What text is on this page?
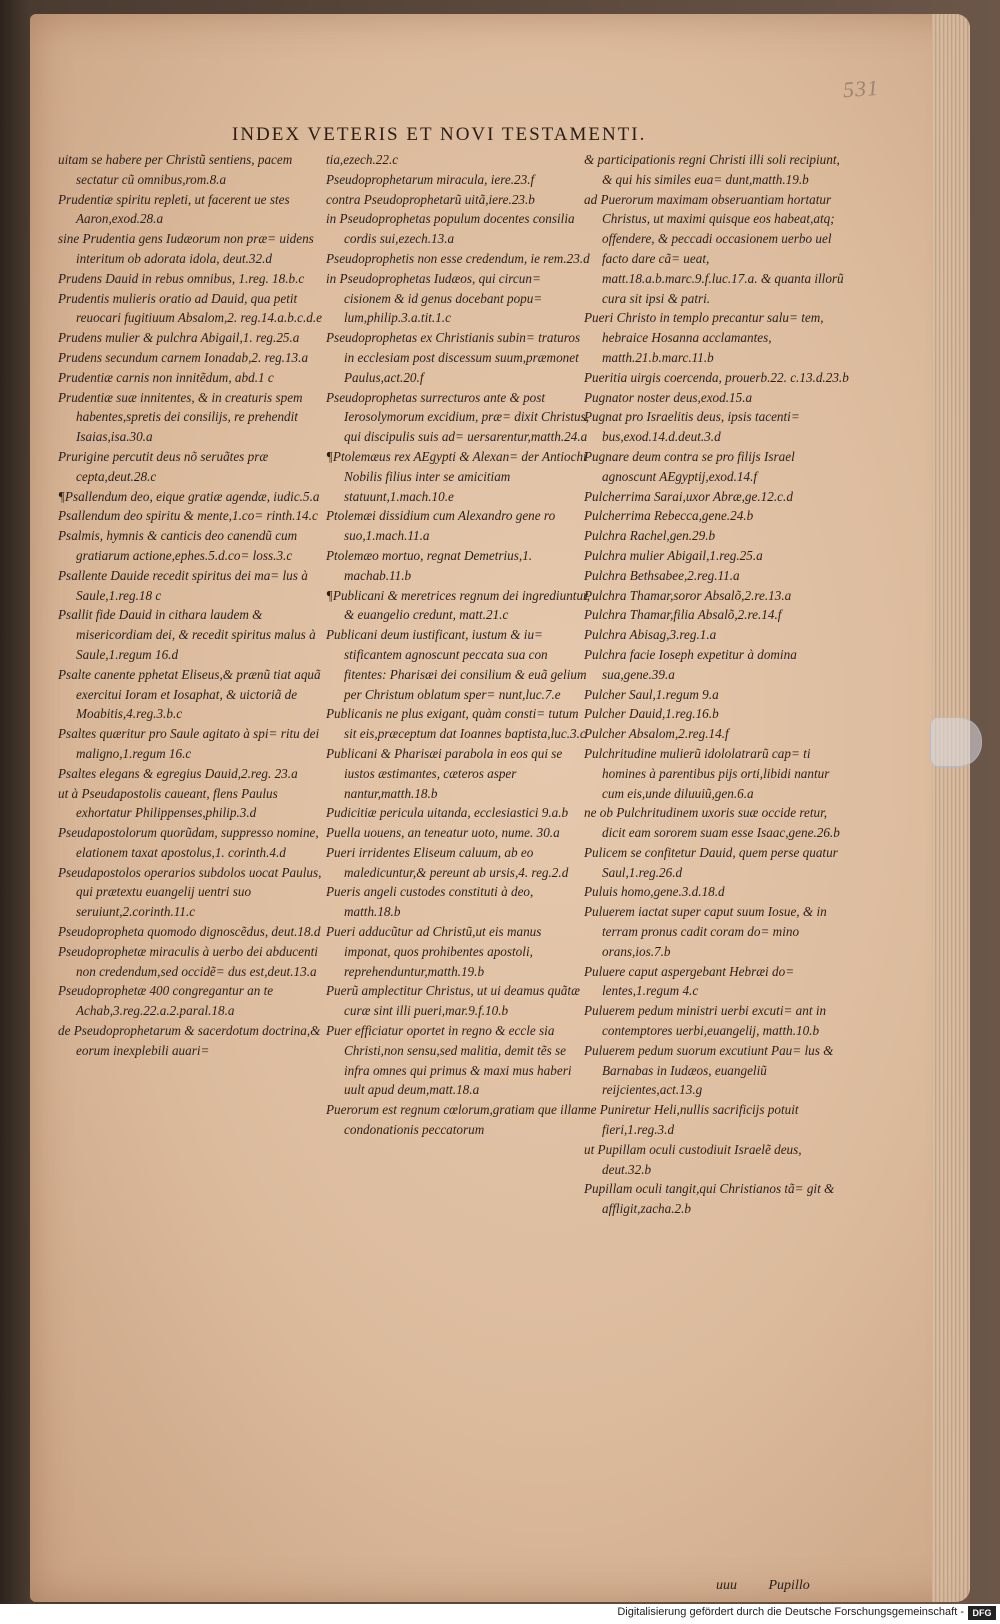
531
INDEX VETERIS ET NOVI TESTAMENTI.

uitam se habere per Christũ sentiens, pacem sectatur cũ omnibus,rom.8.a

Prudentiæ spiritu repleti, ut facerent ue stes Aaron,exod.28.a

sine Prudentia gens Iudæorum non præ= uidens interitum ob adorata idola, deut.32.d

Prudens Dauid in rebus omnibus, 1.reg. 18.b.c

Prudentis mulieris oratio ad Dauid, qua petit reuocari fugitiuum Absalom,2. reg.14.a.b.c.d.e

Prudens mulier & pulchra Abigail,1. reg.25.a

Prudens secundum carnem Ionadab,2. reg.13.a

Prudentiæ carnis non innitẽdum, abd.1 c

Prudentiæ suæ innitentes, & in creaturis spem habentes,spretis dei consilijs, re prehendit Isaias,isa.30.a

Prurigine percutit deus nõ seruãtes præ cepta,deut.28.c

¶Psallendum deo, eique gratiæ agendæ, iudic.5.a

Psallendum deo spiritu & mente,1.co= rinth.14.c

Psalmis, hymnis & canticis deo canendũ cum gratiarum actione,ephes.5.d.co= loss.3.c

Psallente Dauide recedit spiritus dei ma= lus à Saule,1.reg.18 c

Psallit fide Dauid in cithara laudem & misericordiam dei, & recedit spiritus malus à Saule,1.regum 16.d

Psalte canente pphetat Eliseus,& prænũ tiat aquã exercitui Ioram et Iosaphat, & uictoriã de Moabitis,4.reg.3.b.c

Psaltes quæritur pro Saule agitato à spi= ritu dei maligno,1.regum 16.c

Psaltes elegans & egregius Dauid,2.reg. 23.a

ut à Pseudapostolis caueant, flens Paulus exhortatur Philippenses,philip.3.d

Pseudapostolorum quorũdam, suppresso nomine, elationem taxat apostolus,1. corinth.4.d

Pseudapostolos operarios subdolos uocat Paulus, qui prætextu euangelij uentri suo seruiunt,2.corinth.11.c

Pseudopropheta quomodo dignoscẽdus, deut.18.d

Pseudoprophetæ miraculis à uerbo dei abducenti non credendum,sed occidẽ= dus est,deut.13.a

Pseudoprophetæ 400 congregantur an te Achab,3.reg.22.a.2.paral.18.a

de Pseudoprophetarum & sacerdotum doctrina,& eorum inexplebili auari=

tia,ezech.22.c

Pseudoprophetarum miracula, iere.23.f

contra Pseudoprophetarũ uitã,iere.23.b

in Pseudoprophetas populum docentes consilia cordis sui,ezech.13.a

Pseudoprophetis non esse credendum, ie rem.23.d

in Pseudoprophetas Iudæos, qui circun= cisionem & id genus docebant popu= lum,philip.3.a.tit.1.c

Pseudoprophetas ex Christianis subin= traturos in ecclesiam post discessum suum,præmonet Paulus,act.20.f

Pseudoprophetas surrecturos ante & post Ierosolymorum excidium, præ= dixit Christus, qui discipulis suis ad= uersarentur,matth.24.a

¶Ptolemæus rex AEgypti & Alexan= der Antiochi Nobilis filius inter se amicitiam statuunt,1.mach.10.e

Ptolemæi dissidium cum Alexandro gene ro suo,1.mach.11.a

Ptolemæo mortuo, regnat Demetrius,1. machab.11.b

¶Publicani & meretrices regnum dei ingrediuntur, & euangelio credunt, matt.21.c

Publicani deum iustificant, iustum & iu= stificantem agnoscunt peccata sua con fitentes: Pharisæi dei consilium & euã gelium per Christum oblatum sper= nunt,luc.7.e

Publicanis ne plus exigant, quàm consti= tutum sit eis,præceptum dat Ioannes baptista,luc.3.c

Publicani & Pharisæi parabola in eos qui se iustos æstimantes, cæteros asper nantur,matth.18.b

Pudicitiæ pericula uitanda, ecclesiastici 9.a.b

Puella uouens, an teneatur uoto, nume. 30.a

Pueri irridentes Eliseum caluum, ab eo maledicuntur,& pereunt ab ursis,4. reg.2.d

Pueris angeli custodes constituti à deo, matth.18.b

Pueri adducũtur ad Christũ,ut eis manus imponat, quos prohibentes apostoli, reprehenduntur,matth.19.b

Puerũ amplectitur Christus, ut ui deamus quãtæ curæ sint illi pueri,mar.9.f.10.b

Puer efficiatur oportet in regno & eccle sia Christi,non sensu,sed malitia, demit tẽs se infra omnes qui primus & maxi mus haberi uult apud deum,matt.18.a

Puerorum est regnum cœlorum,gratiam que illam condonationis peccatorum

& participationis regni Christi illi soli recipiunt, & qui his similes eua= dunt,matth.19.b

ad Puerorum maximam obseruantiam hortatur Christus, ut maximi quisque eos habeat,atq; offendere, & peccadi occasionem uerbo uel facto dare cã= ueat, matt.18.a.b.marc.9.f.luc.17.a. & quanta illorũ cura sit ipsi & patri.

Pueri Christo in templo precantur salu= tem, hebraice Hosanna acclamantes, matth.21.b.marc.11.b

Pueritia uirgis coercenda, prouerb.22. c.13.d.23.b

Pugnator noster deus,exod.15.a

Pugnat pro Israelitis deus, ipsis tacenti= bus,exod.14.d.deut.3.d

Pugnare deum contra se pro filijs Israel agnoscunt AEgyptij,exod.14.f

Pulcherrima Sarai,uxor Abræ,ge.12.c.d

Pulcherrima Rebecca,gene.24.b

Pulchra Rachel,gen.29.b

Pulchra mulier Abigail,1.reg.25.a

Pulchra Bethsabee,2.reg.11.a

Pulchra Thamar,soror Absalõ,2.re.13.a

Pulchra Thamar,filia Absalõ,2.re.14.f

Pulchra Abisag,3.reg.1.a

Pulchra facie Ioseph expetitur à domina sua,gene.39.a

Pulcher Saul,1.regum 9.a

Pulcher Dauid,1.reg.16.b

Pulcher Absalom,2.reg.14.f

Pulchritudine mulierũ idololatrarũ cap= ti homines à parentibus pijs orti,libidi nantur cum eis,unde diluuiũ,gen.6.a

ne ob Pulchritudinem uxoris suæ occide retur, dicit eam sororem suam esse Isaac,gene.26.b

Pulicem se confitetur Dauid, quem perse quatur Saul,1.reg.26.d

Puluis homo,gene.3.d.18.d

Puluerem iactat super caput suum Iosue, & in terram pronus cadit coram do= mino orans,ios.7.b

Puluere caput aspergebant Hebræi do= lentes,1.regum 4.c

Puluerem pedum ministri uerbi excuti= ant in contemptores uerbi,euangelij, matth.10.b

Puluerem pedum suorum excutiunt Pau= lus & Barnabas in Iudæos, euangeliũ reijcientes,act.13.g

ne Puniretur Heli,nullis sacrificijs potuit fieri,1.reg.3.d

ut Pupillam oculi custodiuit Israelẽ deus, deut.32.b

Pupillam oculi tangit,qui Christianos tã= git & affligit,zacha.2.b

uuu Pupillo
Digitalisierung gefördert durch die Deutsche Forschungsgemeinschaft - DFG
